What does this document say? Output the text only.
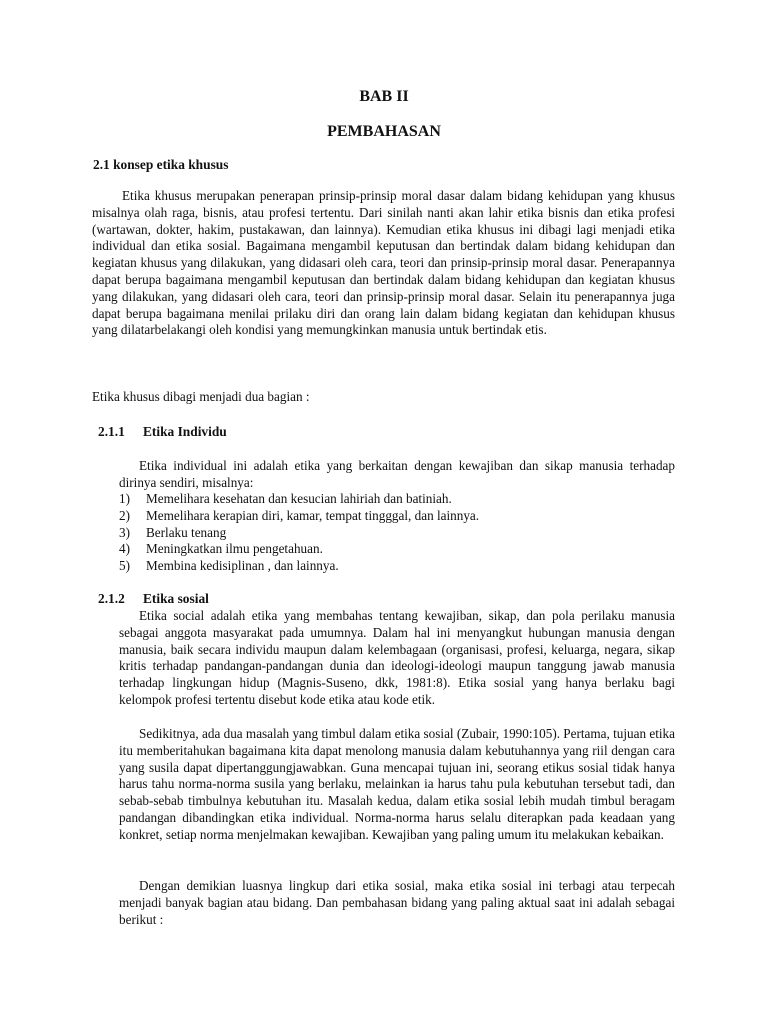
BAB II
PEMBAHASAN
2.1 konsep etika khusus

Etika khusus merupakan penerapan prinsip-prinsip moral dasar dalam bidang kehidupan yang khusus misalnya olah raga, bisnis, atau profesi tertentu. Dari sinilah nanti akan lahir etika bisnis dan etika profesi (wartawan, dokter, hakim, pustakawan, dan lainnya). Kemudian etika khusus ini dibagi lagi menjadi etika individual dan etika sosial. Bagaimana mengambil keputusan dan bertindak dalam bidang kehidupan dan kegiatan khusus yang dilakukan, yang didasari oleh cara, teori dan prinsip-prinsip moral dasar. Penerapannya dapat berupa bagaimana mengambil keputusan dan bertindak dalam bidang kehidupan dan kegiatan khusus yang dilakukan, yang didasari oleh cara, teori dan prinsip-prinsip moral dasar. Selain itu penerapannya juga dapat berupa bagaimana menilai prilaku diri dan orang lain dalam bidang kegiatan dan kehidupan khusus yang dilatarbelakangi oleh kondisi yang memungkinkan manusia untuk bertindak etis.

Etika khusus dibagi menjadi dua bagian :

2.1.1 Etika Individu

Etika individual ini adalah etika yang berkaitan dengan kewajiban dan sikap manusia terhadap dirinya sendiri, misalnya:

1) Memelihara kesehatan dan kesucian lahiriah dan batiniah.
2) Memelihara kerapian diri, kamar, tempat tingggal, dan lainnya.
3) Berlaku tenang
4) Meningkatkan ilmu pengetahuan.
5) Membina kedisiplinan , dan lainnya.
2.1.2 Etika sosial

Etika social adalah etika yang membahas tentang kewajiban, sikap, dan pola perilaku manusia sebagai anggota masyarakat pada umumnya. Dalam hal ini menyangkut hubungan manusia dengan manusia, baik secara individu maupun dalam kelembagaan (organisasi, profesi, keluarga, negara, sikap kritis terhadap pandangan-pandangan dunia dan ideologi-ideologi maupun tanggung jawab manusia terhadap lingkungan hidup (Magnis-Suseno, dkk, 1981:8). Etika sosial yang hanya berlaku bagi kelompok profesi tertentu disebut kode etika atau kode etik.

Sedikitnya, ada dua masalah yang timbul dalam etika sosial (Zubair, 1990:105). Pertama, tujuan etika itu memberitahukan bagaimana kita dapat menolong manusia dalam kebutuhannya yang riil dengan cara yang susila dapat dipertanggungjawabkan. Guna mencapai tujuan ini, seorang etikus sosial tidak hanya harus tahu norma-norma susila yang berlaku, melainkan ia harus tahu pula kebutuhan tersebut tadi, dan sebab-sebab timbulnya kebutuhan itu. Masalah kedua, dalam etika sosial lebih mudah timbul beragam pandangan dibandingkan etika individual. Norma-norma harus selalu diterapkan pada keadaan yang konkret, setiap norma menjelmakan kewajiban. Kewajiban yang paling umum itu melakukan kebaikan.

Dengan demikian luasnya lingkup dari etika sosial, maka etika sosial ini terbagi atau terpecah menjadi banyak bagian atau bidang. Dan pembahasan bidang yang paling aktual saat ini adalah sebagai berikut :
